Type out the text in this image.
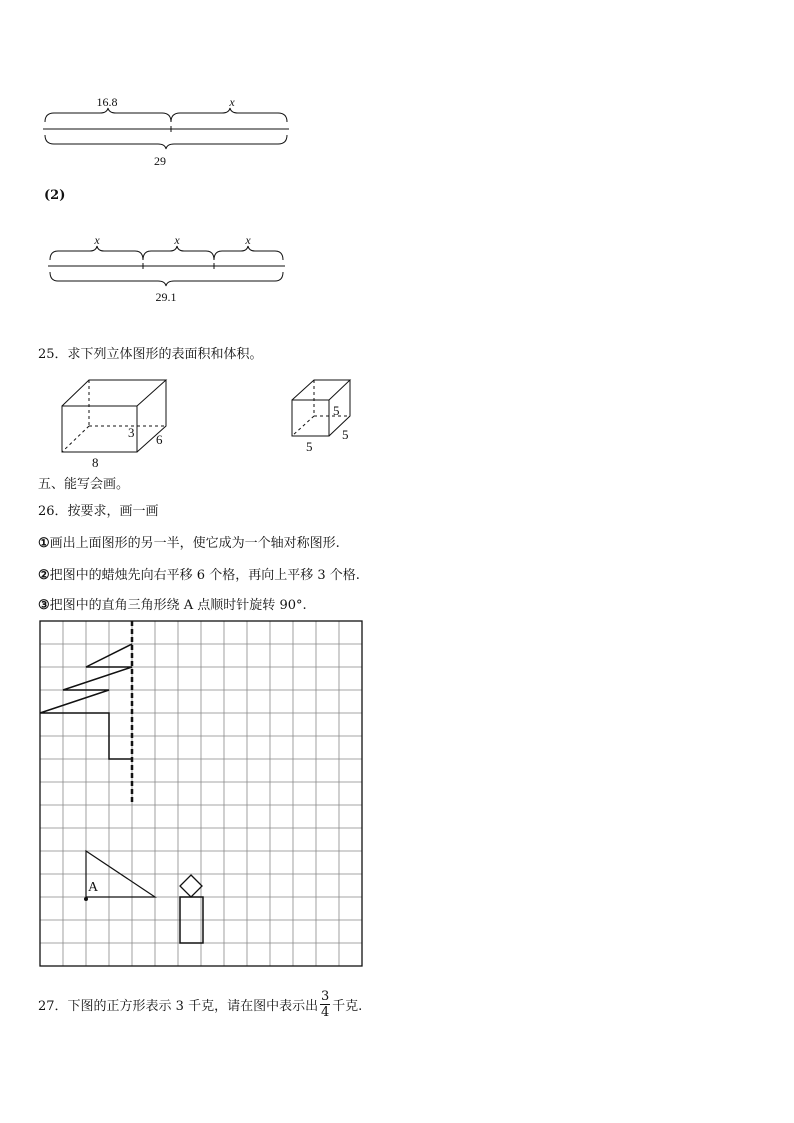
16.8	x
29
(2)
x	x	x
29.1
25．求下列立体图形的表面积和体积。
3 6
8
5
5
5
五、能写会画。
26．按要求，画一画
①画出上面图形的另一半，使它成为一个轴对称图形.
②把图中的蜡烛先向右平移 6 个格，再向上平移 3 个格.
③把图中的直角三角形绕 A 点顺时针旋转 90°.
A
27．下图的正方形表示 3 千克，请在图中表示出 $\frac{3}{4}$ 千克.
